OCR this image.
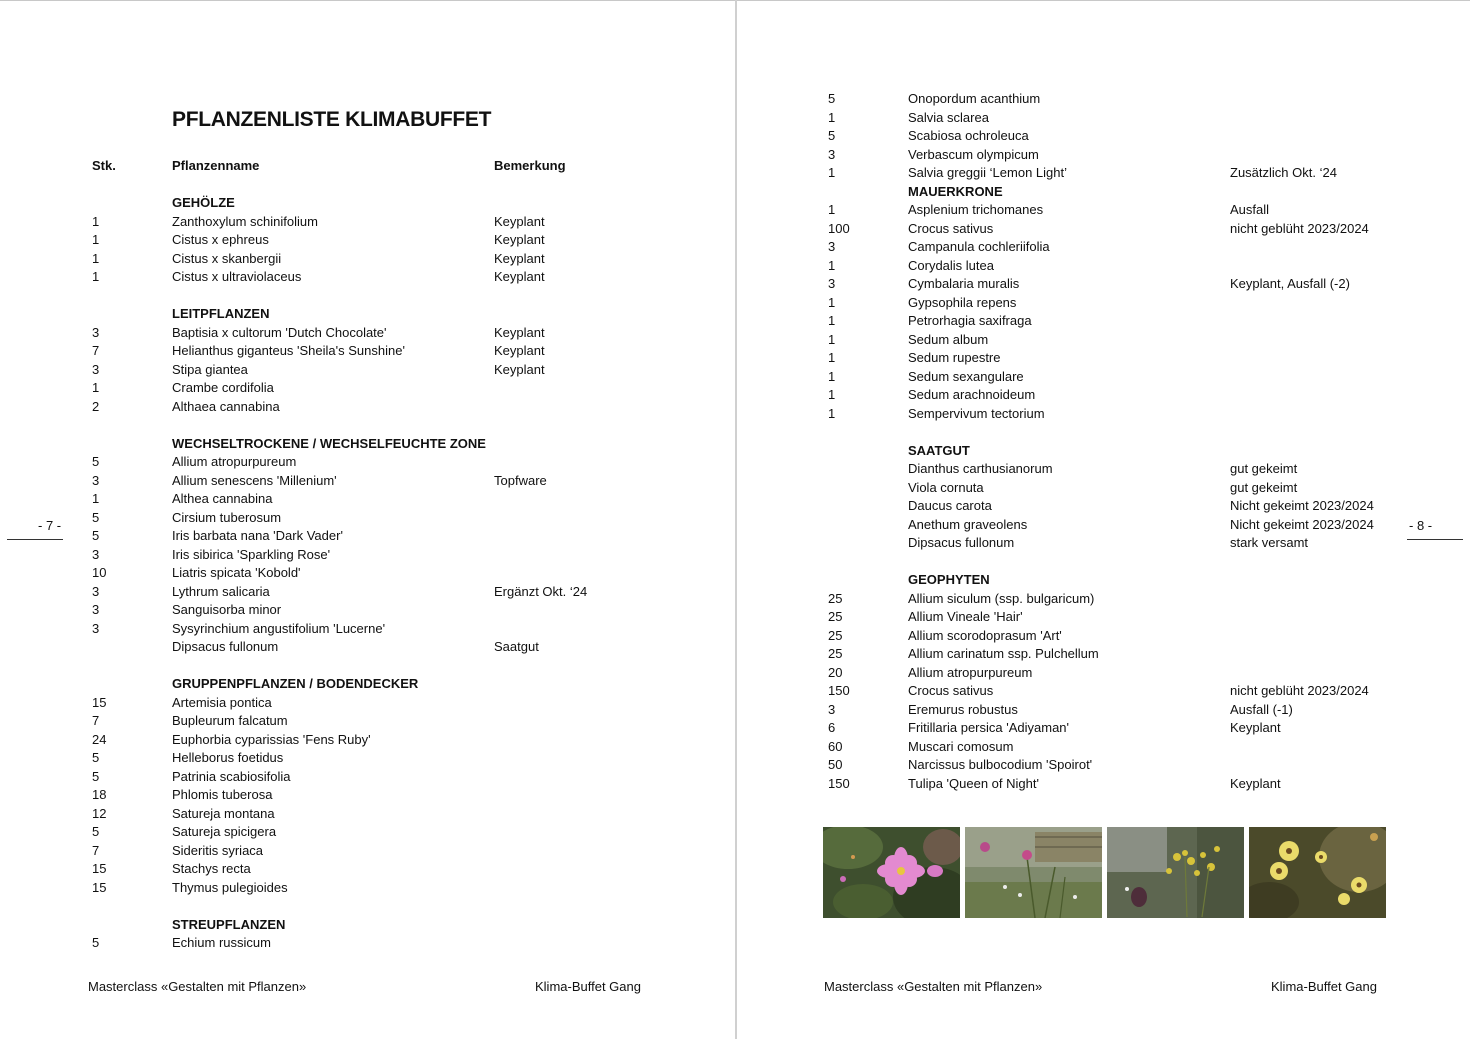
PFLANZENLISTE KLIMABUFFET
Stk.	Pflanzenname	Bemerkung
GEHÖLZE
1	Zanthoxylum schinifolium	Keyplant
1	Cistus x ephreus	Keyplant
1	Cistus x skanbergii	Keyplant
1	Cistus x ultraviolaceus	Keyplant
LEITPFLANZEN
3	Baptisia x cultorum 'Dutch Chocolate'	Keyplant
7	Helianthus giganteus 'Sheila's Sunshine'	Keyplant
3	Stipa giantea	Keyplant
1	Crambe cordifolia
2	Althaea cannabina
WECHSELTROCKENE / WECHSELFEUCHTE ZONE
5	Allium atropurpureum
3	Allium senescens 'Millenium'	Topfware
1	Althea cannabina
5	Cirsium tuberosum
5	Iris barbata nana 'Dark Vader'
3	Iris sibirica 'Sparkling Rose'
10	Liatris spicata 'Kobold'
3	Lythrum salicaria	Ergänzt Okt. ‘24
3	Sanguisorba minor
3	Sysyrinchium angustifolium 'Lucerne'
Dipsacus fullonum	Saatgut
GRUPPENPFLANZEN / BODENDECKER
15	Artemisia pontica
7	Bupleurum falcatum
24	Euphorbia cyparissias 'Fens Ruby'
5	Helleborus foetidus
5	Patrinia scabiosifolia
18	Phlomis tuberosa
12	Satureja montana
5	Satureja spicigera
7	Sideritis syriaca
15	Stachys recta
15	Thymus pulegioides
STREUPFLANZEN
5	Echium russicum
- 7 -
Masterclass «Gestalten mit Pflanzen»	Klima-Buffet Gang
5	Onopordum acanthium
1	Salvia sclarea
5	Scabiosa ochroleuca
3	Verbascum olympicum
1	Salvia greggii ‘Lemon Light’	Zusätzlich Okt. ‘24
MAUERKRONE
1	Asplenium trichomanes	Ausfall
100	Crocus sativus	nicht geblüht 2023/2024
3	Campanula cochleriifolia
1	Corydalis lutea
3	Cymbalaria muralis	Keyplant, Ausfall (-2)
1	Gypsophila repens
1	Petrorhagia saxifraga
1	Sedum album
1	Sedum rupestre
1	Sedum sexangulare
1	Sedum arachnoideum
1	Sempervivum tectorium
SAATGUT
Dianthus carthusianorum	gut gekeimt
Viola cornuta	gut gekeimt
Daucus carota	Nicht gekeimt 2023/2024
Anethum graveolens	Nicht gekeimt 2023/2024
Dipsacus fullonum	stark versamt
GEOPHYTEN
25	Allium siculum (ssp. bulgaricum)
25	Allium Vineale 'Hair'
25	Allium scorodoprasum 'Art'
25	Allium carinatum ssp. Pulchellum
20	Allium atropurpureum
150	Crocus sativus	nicht geblüht 2023/2024
3	Eremurus robustus	Ausfall (-1)
6	Fritillaria persica 'Adiyaman'	Keyplant
60	Muscari comosum
50	Narcissus bulbocodium 'Spoirot'
150	Tulipa 'Queen of Night'	Keyplant
- 8 -
Masterclass «Gestalten mit Pflanzen»	Klima-Buffet Gang
